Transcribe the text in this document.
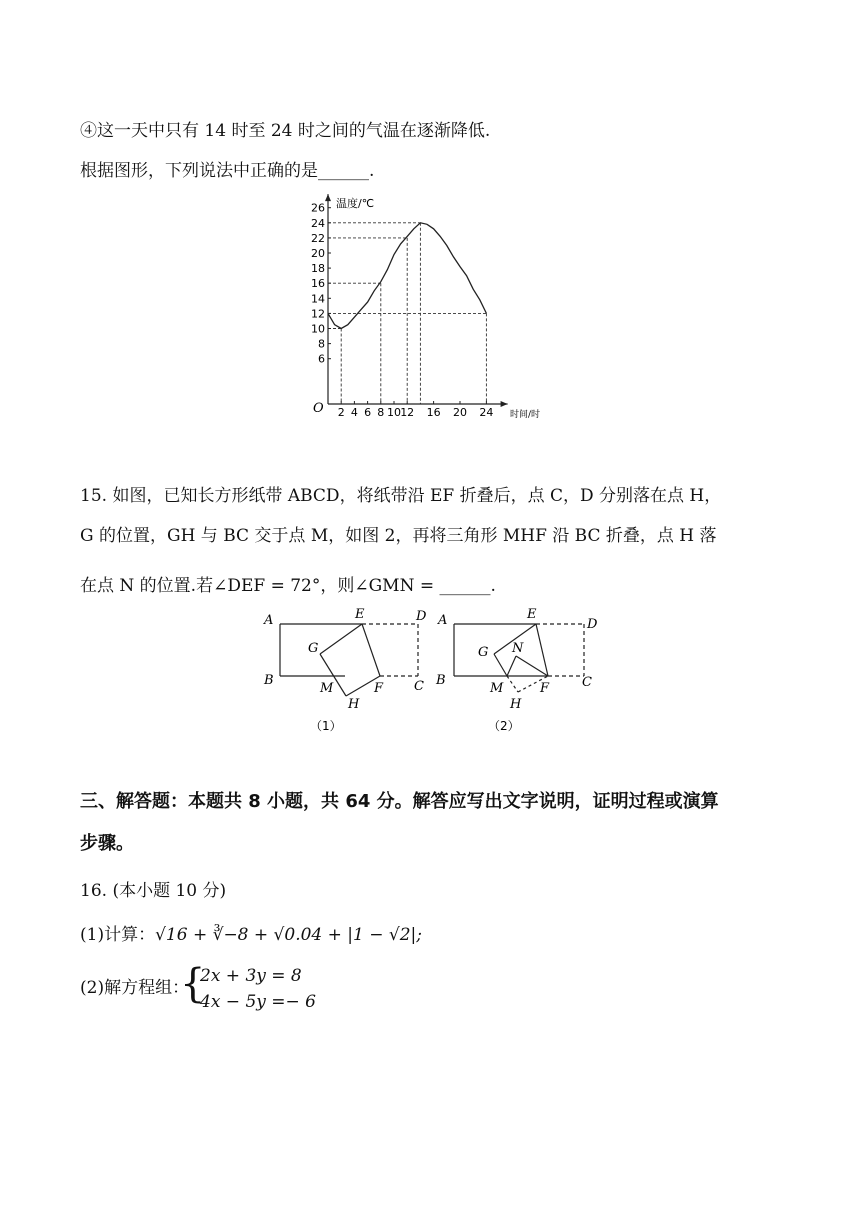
④这一天中只有 14 时至 24 时之间的气温在逐渐降低.
根据图形，下列说法中正确的是______.
2 4 6 8 10 12 16 20 24
6
8
10
12
14
16
18
20
22
24
26 温度/℃
时间/时
O
15. 如图，已知长方形纸带 ABCD，将纸带沿 EF 折叠后，点 C，D 分别落在点 H，
G 的位置，GH 与 BC 交于点 M，如图 2，再将三角形 MHF 沿 BC 折叠，点 H 落
在点 N 的位置.若∠DEF = 72°，则∠GMN = ______.
A
B	C
D
E
F
G
H
M
（1）
A
B	C
D
E
F
G
H
M
N
（2）
三、解答题：本题共 8 小题，共 64 分。解答应写出文字说明，证明过程或演算
步骤。
16. (本小题 10 分)
(1)计算：√16 + ∛−8 + √0.04 + |1 − √2|;
(2)解方程组：
{
2x + 3y = 8
4x − 5y =− 6
